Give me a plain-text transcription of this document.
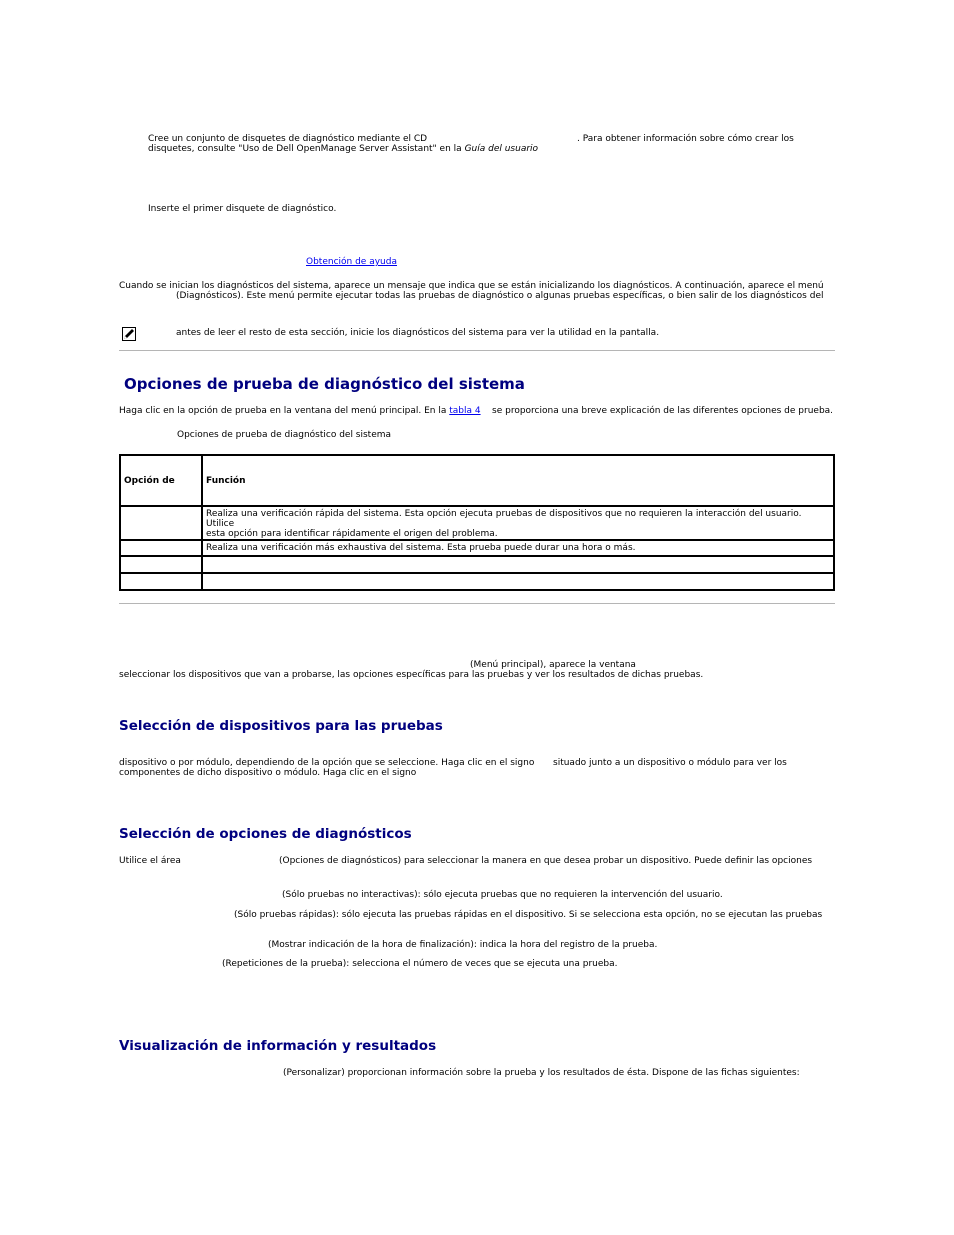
Cree un conjunto de disquetes de diagnóstico mediante el CD	. Para obtener información sobre cómo crear los
disquetes, consulte "Uso de Dell OpenManage Server Assistant" en la Guía del usuario
Inserte el primer disquete de diagnóstico.
Obtención de ayuda
Cuando se inician los diagnósticos del sistema, aparece un mensaje que indica que se están inicializando los diagnósticos. A continuación, aparece el menú
(Diagnósticos). Este menú permite ejecutar todas las pruebas de diagnóstico o algunas pruebas específicas, o bien salir de los diagnósticos del
antes de leer el resto de esta sección, inicie los diagnósticos del sistema para ver la utilidad en la pantalla.
Opciones de prueba de diagnóstico del sistema
Haga clic en la opción de prueba en la ventana del menú principal. En la tabla 4 se proporciona una breve explicación de las diferentes opciones de prueba.
Opciones de prueba de diagnóstico del sistema
Opción de	Función

	Realiza una verificación rápida del sistema. Esta opción ejecuta pruebas de dispositivos que no requieren la interacción del usuario. Utilice
esta opción para identificar rápidamente el origen del problema.

	Realiza una verificación más exhaustiva del sistema. Esta prueba puede durar una hora o más.

(Menú principal), aparece la ventana
seleccionar los dispositivos que van a probarse, las opciones específicas para las pruebas y ver los resultados de dichas pruebas.
Selección de dispositivos para las pruebas
dispositivo o por módulo, dependiendo de la opción que se seleccione. Haga clic en el signo situado junto a un dispositivo o módulo para ver los
componentes de dicho dispositivo o módulo. Haga clic en el signo
Selección de opciones de diagnósticos
Utilice el área	(Opciones de diagnósticos) para seleccionar la manera en que desea probar un dispositivo. Puede definir las opciones
(Sólo pruebas no interactivas): sólo ejecuta pruebas que no requieren la intervención del usuario.
(Sólo pruebas rápidas): sólo ejecuta las pruebas rápidas en el dispositivo. Si se selecciona esta opción, no se ejecutan las pruebas
(Mostrar indicación de la hora de finalización): indica la hora del registro de la prueba.
(Repeticiones de la prueba): selecciona el número de veces que se ejecuta una prueba.
Visualización de información y resultados
(Personalizar) proporcionan información sobre la prueba y los resultados de ésta. Dispone de las fichas siguientes:
